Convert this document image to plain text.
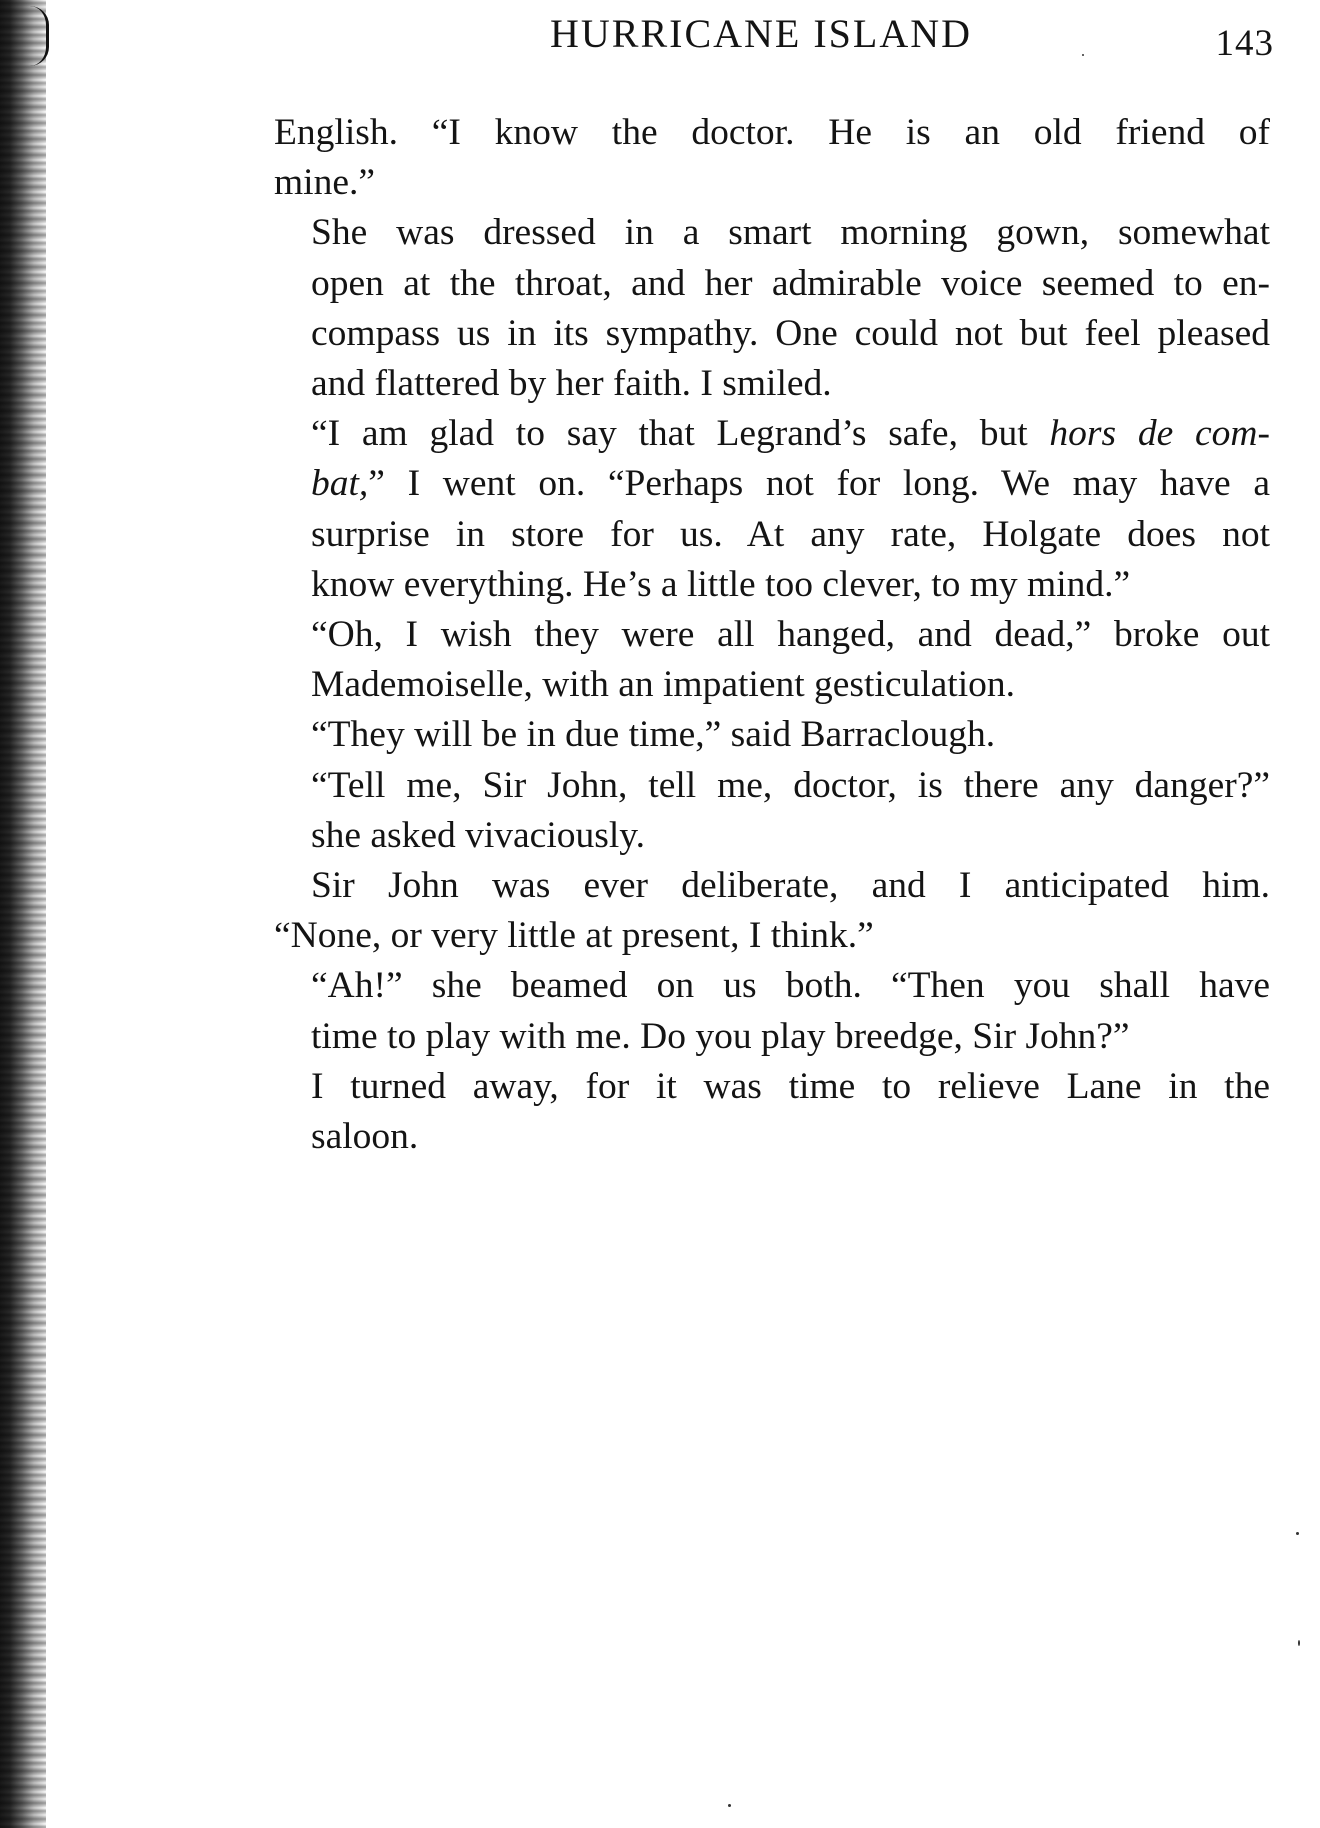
HURRICANE ISLAND	143

English. “I know the doctor. He is an old friend of
mine.”

She was dressed in a smart morning gown, somewhat
open at the throat, and her admirable voice seemed to en-
compass us in its sympathy. One could not but feel pleased
and flattered by her faith. I smiled.

“I am glad to say that Legrand’s safe, but hors de com-
bat,” I went on. “Perhaps not for long. We may have a
surprise in store for us. At any rate, Holgate does not
know everything. He’s a little too clever, to my mind.”

“Oh, I wish they were all hanged, and dead,” broke out
Mademoiselle, with an impatient gesticulation.

“They will be in due time,” said Barraclough.

“Tell me, Sir John, tell me, doctor, is there any danger?”
she asked vivaciously.

Sir John was ever deliberate, and I anticipated him.

“None, or very little at present, I think.”

“Ah!” she beamed on us both. “Then you shall have
time to play with me. Do you play breedge, Sir John?”

I turned away, for it was time to relieve Lane in the
saloon.
